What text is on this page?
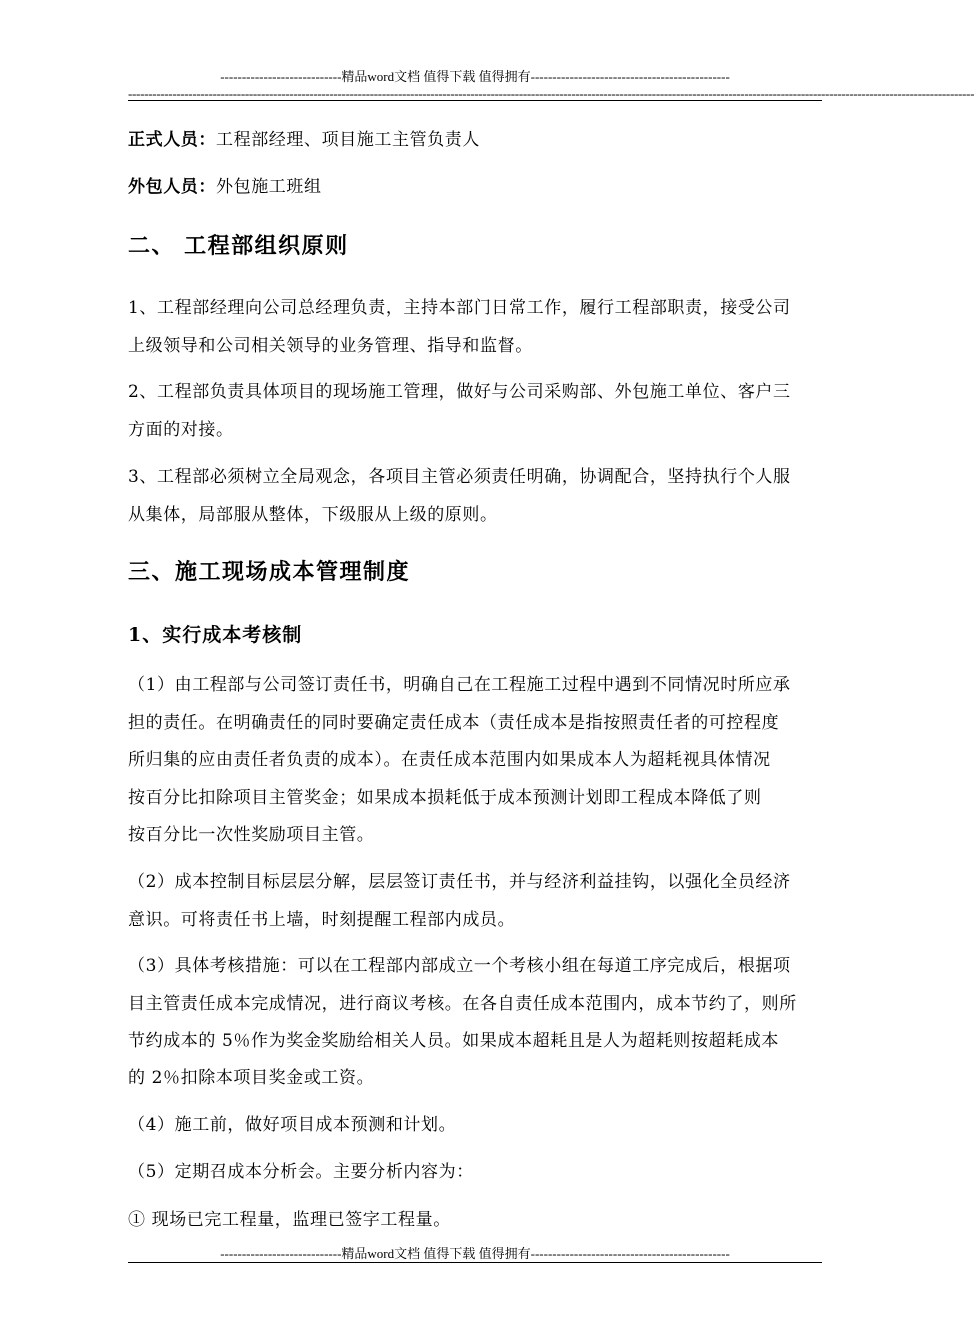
----------------------------精品word文档 值得下载 值得拥有----------------------------------------------
------------------------------------------------------------------------------------------------------------------------------------------------------------------------------------------------------------------
正式人员：工程部经理、项目施工主管负责人
外包人员：外包施工班组
二、 工程部组织原则
1、工程部经理向公司总经理负责，主持本部门日常工作，履行工程部职责，接受公司
上级领导和公司相关领导的业务管理、指导和监督。
2、工程部负责具体项目的现场施工管理，做好与公司采购部、外包施工单位、客户三
方面的对接。
3、工程部必须树立全局观念，各项目主管必须责任明确，协调配合，坚持执行个人服
从集体，局部服从整体，下级服从上级的原则。
三、施工现场成本管理制度
1、实行成本考核制
（1）由工程部与公司签订责任书，明确自己在工程施工过程中遇到不同情况时所应承
担的责任。在明确责任的同时要确定责任成本（责任成本是指按照责任者的可控程度
所归集的应由责任者负责的成本）。在责任成本范围内如果成本人为超耗视具体情况
按百分比扣除项目主管奖金；如果成本损耗低于成本预测计划即工程成本降低了则
按百分比一次性奖励项目主管。
（2）成本控制目标层层分解，层层签订责任书，并与经济利益挂钩，以强化全员经济
意识。可将责任书上墙，时刻提醒工程部内成员。
（3）具体考核措施：可以在工程部内部成立一个考核小组在每道工序完成后，根据项
目主管责任成本完成情况，进行商议考核。在各自责任成本范围内，成本节约了，则所
节约成本的 5％作为奖金奖励给相关人员。如果成本超耗且是人为超耗则按超耗成本
的 2％扣除本项目奖金或工资。
（4）施工前，做好项目成本预测和计划。
（5）定期召成本分析会。主要分析内容为：
① 现场已完工程量，监理已签字工程量。
----------------------------精品word文档 值得下载 值得拥有----------------------------------------------
